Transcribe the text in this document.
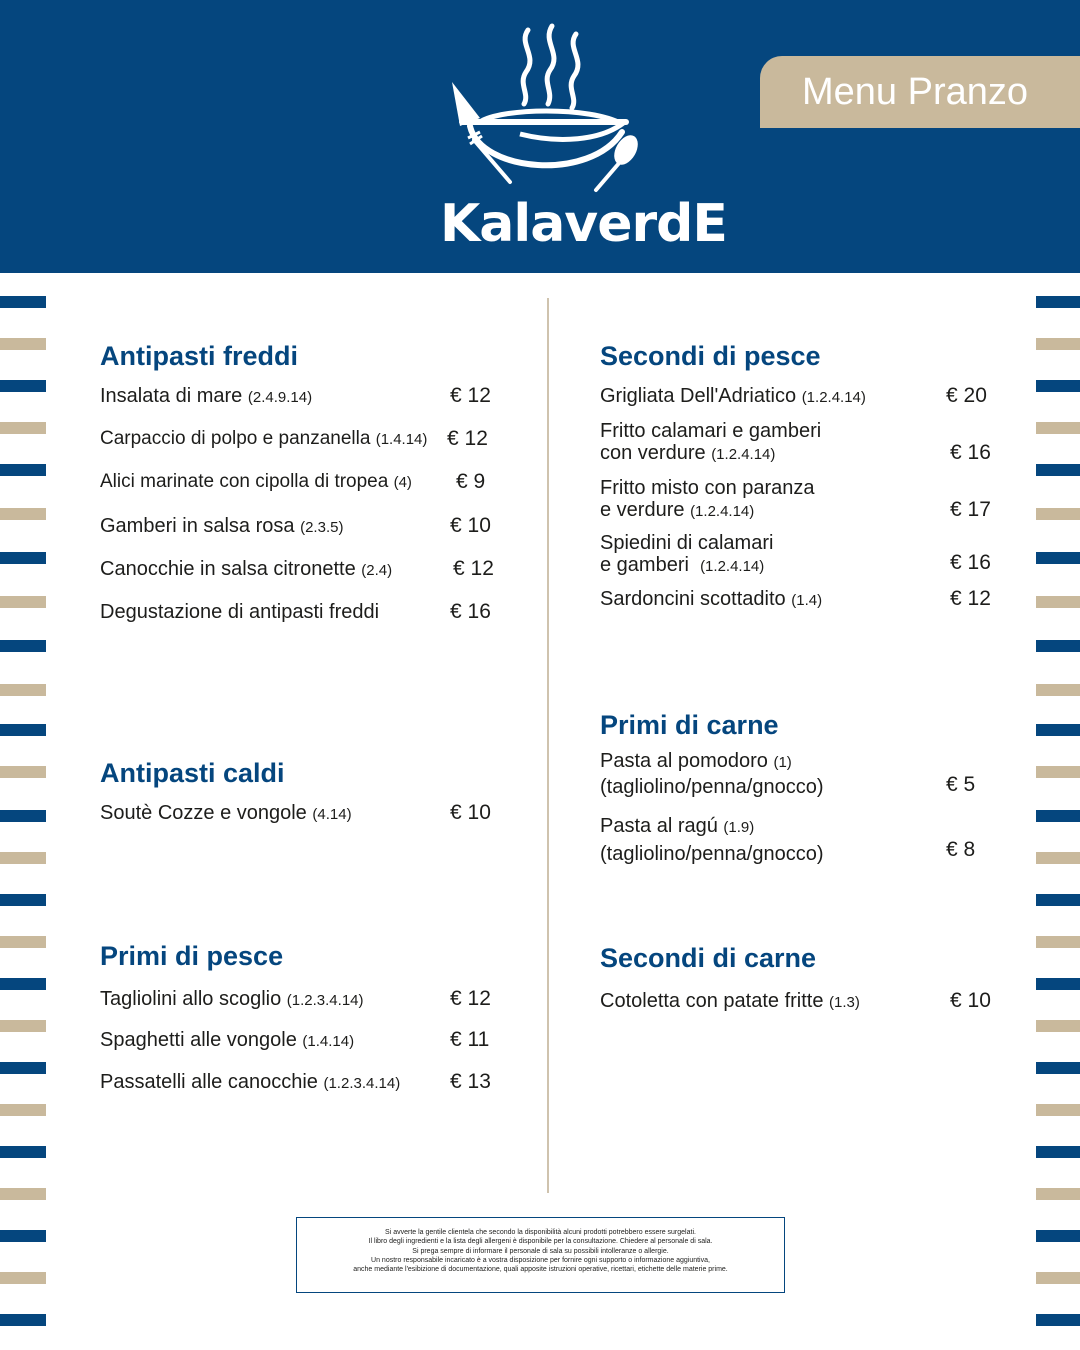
KalaverdE
Menu Pranzo
Antipasti freddi
Insalata di mare (2.4.9.14)	€ 12
Carpaccio di polpo e panzanella (1.4.14) € 12
Alici marinate con cipolla di tropea (4) € 9
Gamberi in salsa rosa (2.3.5)	€ 10
Canocchie in salsa citronette (2.4)	€ 12
Degustazione di antipasti freddi	€ 16
Antipasti caldi
Soutè Cozze e vongole (4.14)	€ 10
Primi di pesce
Tagliolini allo scoglio (1.2.3.4.14)	€ 12
Spaghetti alle vongole (1.4.14)	€ 11
Passatelli alle canocchie (1.2.3.4.14) € 13
Secondi di pesce
Grigliata Dell'Adriatico (1.2.4.14)	€ 20
Fritto calamari e gamberi
con verdure (1.2.4.14)	€ 16
Fritto misto con paranza
e verdure (1.2.4.14)	€ 17
Spiedini di calamari
e gamberi (1.2.4.14)	€ 16
Sardoncini scottadito (1.4)	€ 12
Primi di carne
Pasta al pomodoro (1)
(tagliolino/penna/gnocco)	€ 5
Pasta al ragú (1.9)
(tagliolino/penna/gnocco)	€ 8
Secondi di carne
Cotoletta con patate fritte (1.3)	€ 10
Si avverte la gentile clientela che secondo la disponibilità alcuni prodotti potrebbero essere surgelati.
Il libro degli ingredienti e la lista degli allergeni è disponibile per la consultazione. Chiedere al personale di sala.
Si prega sempre di informare il personale di sala su possibili intolleranze o allergie.
Un nostro responsabile incaricato è a vostra disposizione per fornire ogni supporto o informazione aggiuntiva,
anche mediante l'esibizione di documentazione, quali apposite istruzioni operative, ricettari, etichette delle materie prime.
